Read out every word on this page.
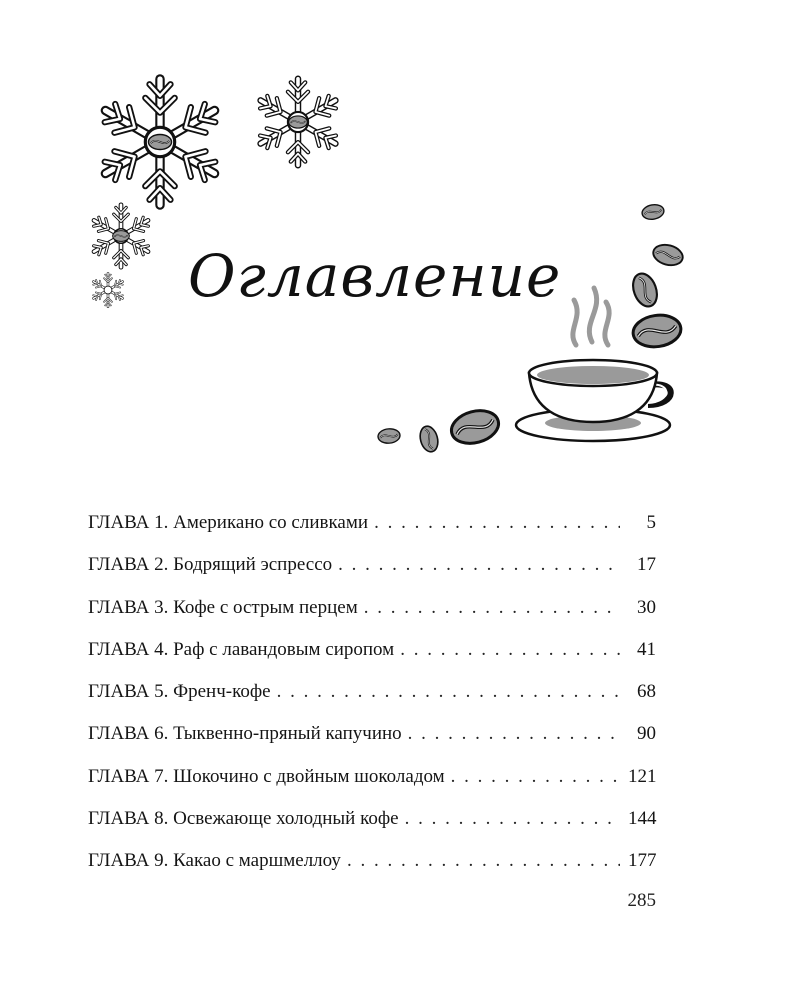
Оглавление
ГЛАВА 1. Американо со сливками . . .	5
ГЛАВА 2. Бодрящий эспрессо . . .	17
ГЛАВА 3. Кофе с острым перцем . . .	30
ГЛАВА 4. Раф с лавандовым сиропом . . .	41
ГЛАВА 5. Френч-кофе . . .	68
ГЛАВА 6. Тыквенно-пряный капучино . . .	90
ГЛАВА 7. Шокочино с двойным шоколадом . . .	121
ГЛАВА 8. Освежающе холодный кофе . . .	144
ГЛАВА 9. Какао с маршмеллоу . . .	177
285
